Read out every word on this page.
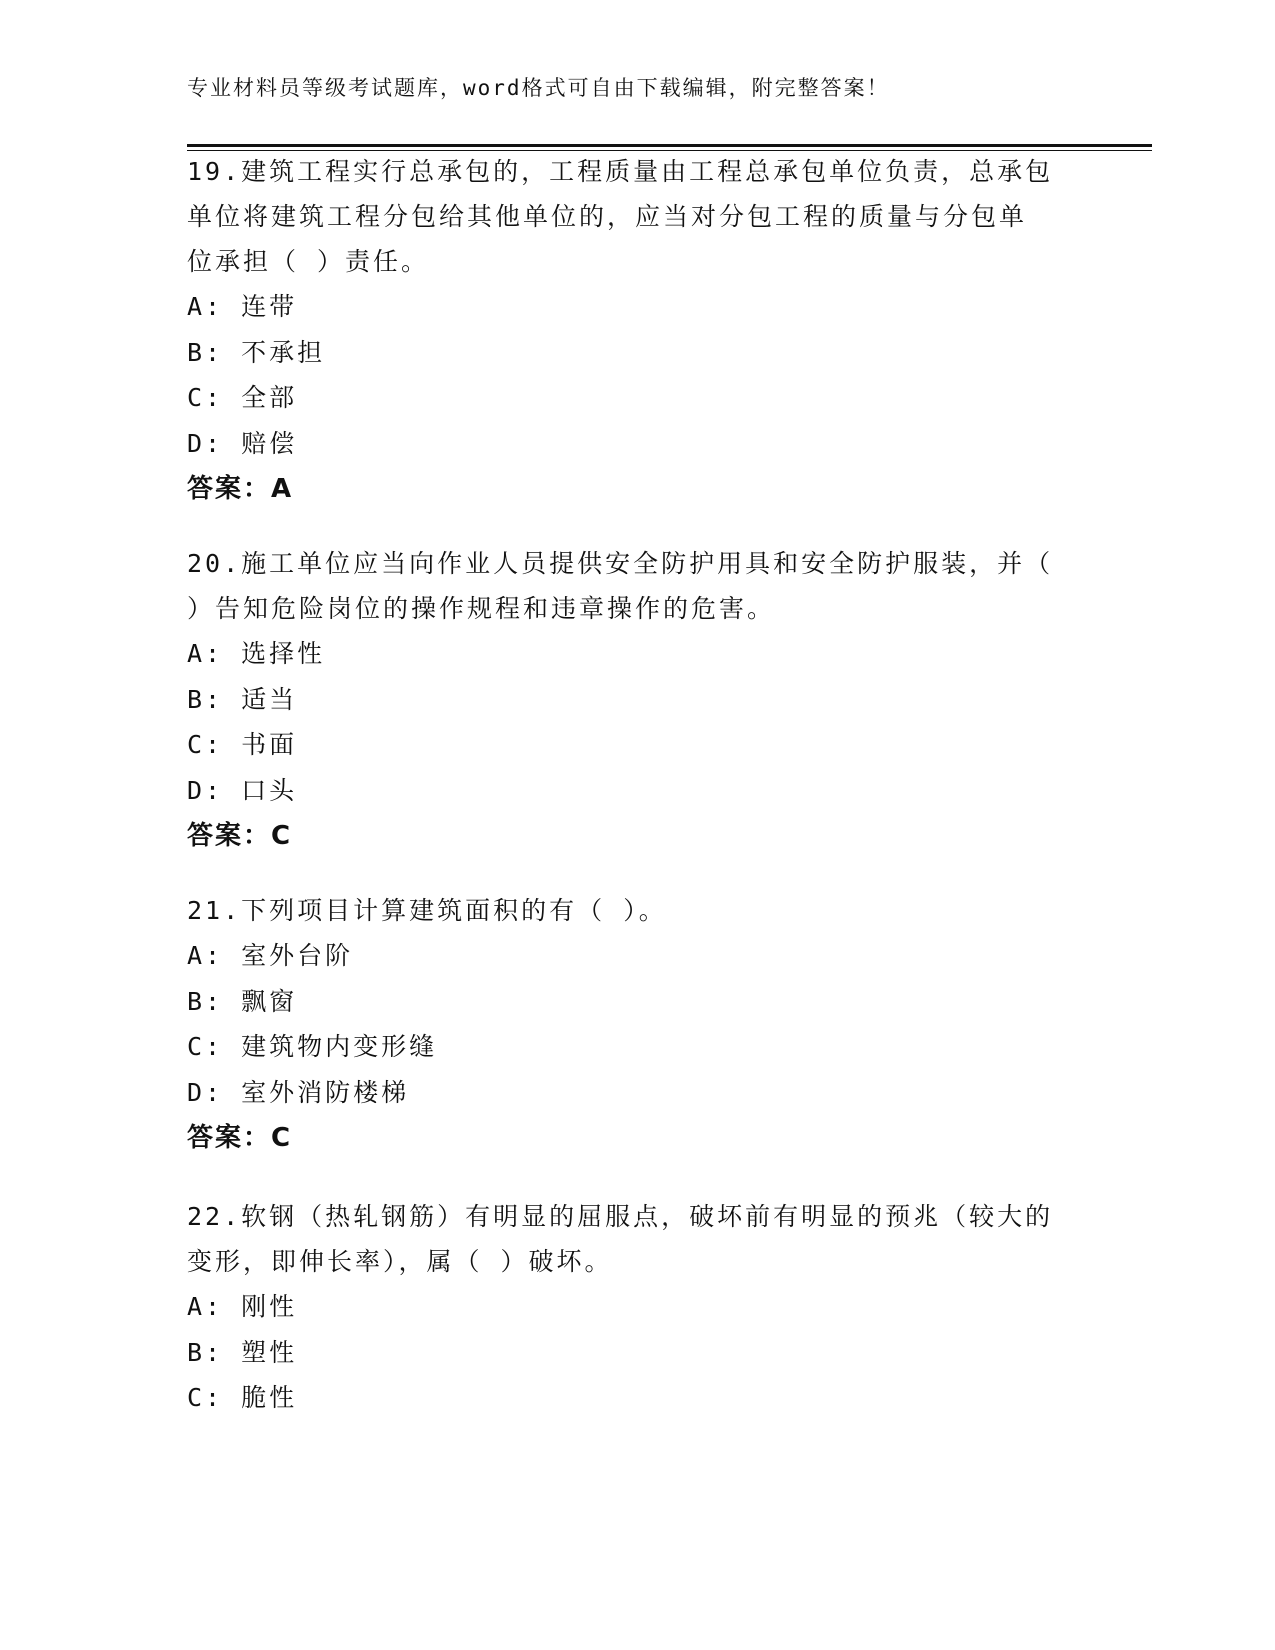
专业材料员等级考试题库，word格式可自由下载编辑，附完整答案！

19.建筑工程实行总承包的，工程质量由工程总承包单位负责，总承包
单位将建筑工程分包给其他单位的，应当对分包工程的质量与分包单
位承担（ ）责任。

A: 连带

B: 不承担

C: 全部

D: 赔偿

答案：A

20.施工单位应当向作业人员提供安全防护用具和安全防护服装，并（
）告知危险岗位的操作规程和违章操作的危害。

A: 选择性

B: 适当

C: 书面

D: 口头

答案：C

21.下列项目计算建筑面积的有（ ）。

A: 室外台阶

B: 飘窗

C: 建筑物内变形缝

D: 室外消防楼梯

答案：C

22.软钢（热轧钢筋）有明显的屈服点，破坏前有明显的预兆（较大的
变形，即伸长率），属（ ）破坏。

A: 刚性

B: 塑性

C: 脆性
